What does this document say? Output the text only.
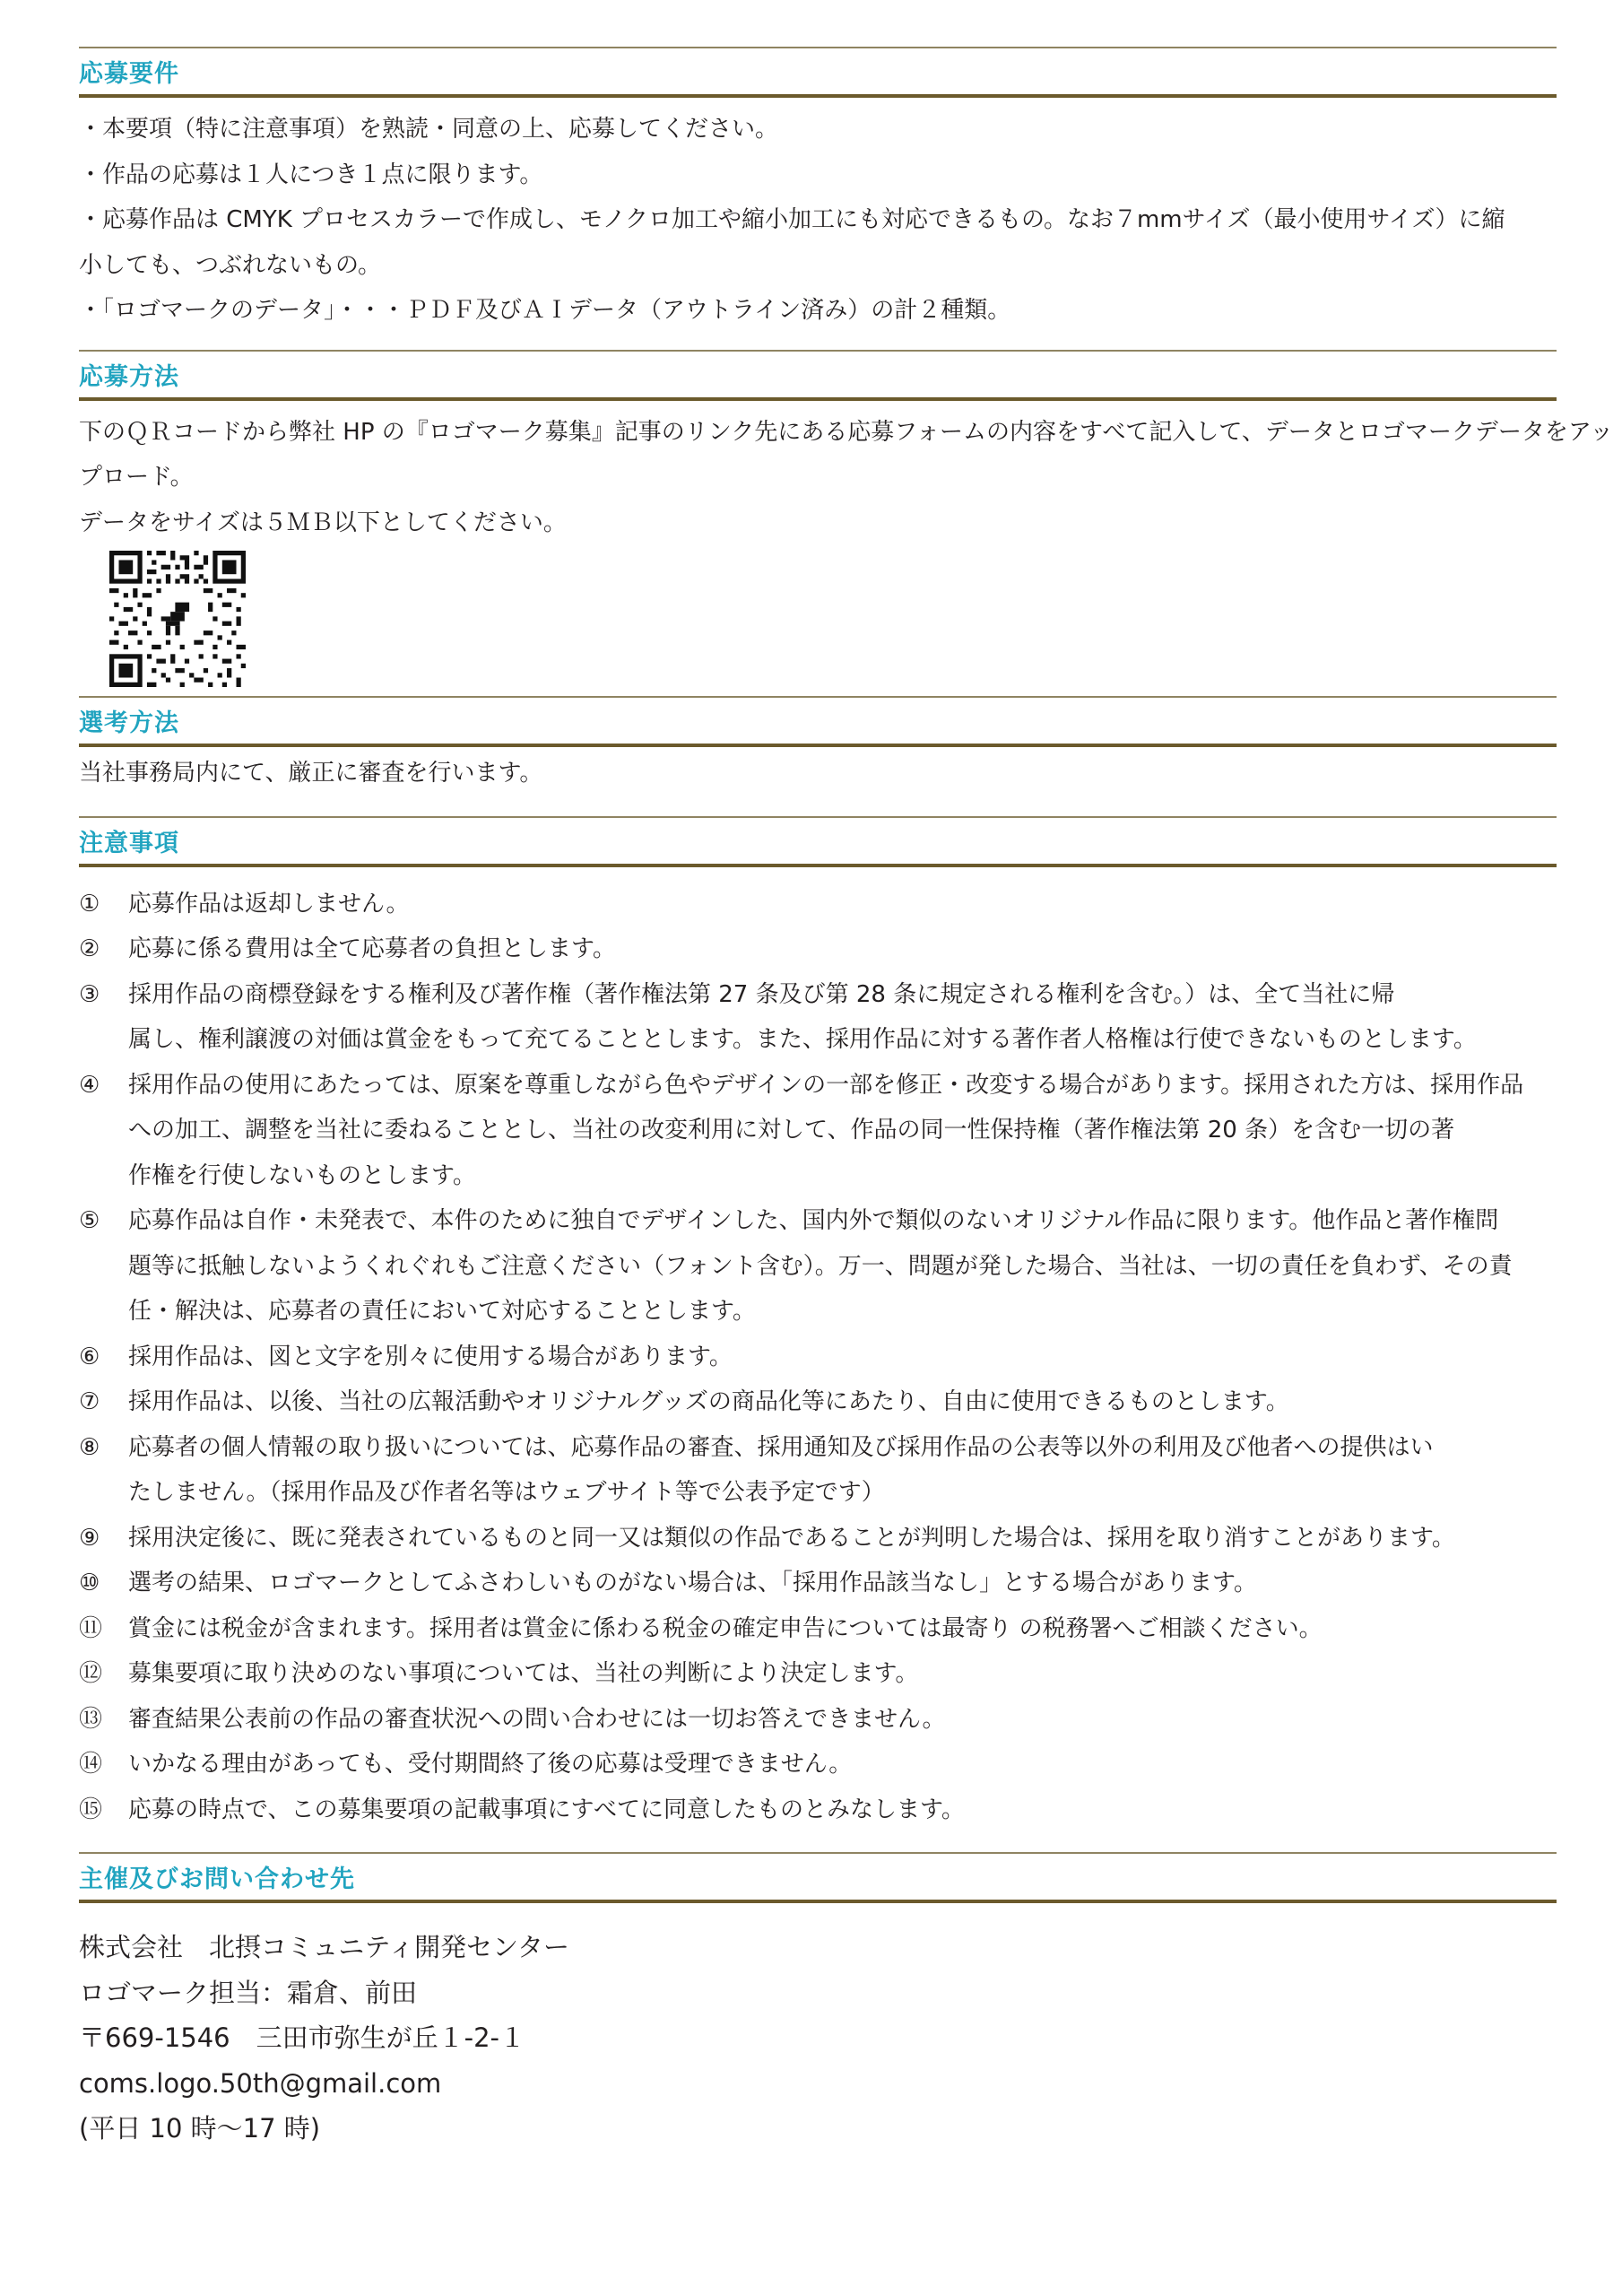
応募要件
・本要項（特に注意事項）を熟読・同意の上、応募してください。
・作品の応募は１人につき１点に限ります。
・応募作品は CMYK プロセスカラーで作成し、モノクロ加工や縮小加工にも対応できるもの。なお７mmサイズ（最小使用サイズ）に縮
小しても、つぶれないもの。
・「ロゴマークのデータ」・・・ＰＤＦ及びＡＩデータ（アウトライン済み）の計２種類。
応募方法
下のＱＲコードから弊社 HP の『ロゴマーク募集』記事のリンク先にある応募フォームの内容をすべて記入して、データとロゴマークデータをアッ
プロード。
データをサイズは５ＭＢ以下としてください。
選考方法
当社事務局内にて、厳正に審査を行います。
注意事項
①	応募作品は返却しません。
②	応募に係る費用は全て応募者の負担とします。
③	採用作品の商標登録をする権利及び著作権（著作権法第 27 条及び第 28 条に規定される権利を含む。）は、全て当社に帰
属し、権利譲渡の対価は賞金をもって充てることとします。また、採用作品に対する著作者人格権は行使できないものとします。
④	採用作品の使用にあたっては、原案を尊重しながら色やデザインの一部を修正・改変する場合があります。採用された方は、採用作品
への加工、調整を当社に委ねることとし、当社の改変利用に対して、作品の同一性保持権（著作権法第 20 条）を含む一切の著
作権を行使しないものとします。
⑤	応募作品は自作・未発表で、本件のために独自でデザインした、国内外で類似のないオリジナル作品に限ります。他作品と著作権問
題等に抵触しないようくれぐれもご注意ください（フォント含む）。万一、問題が発した場合、当社は、一切の責任を負わず、その責
任・解決は、応募者の責任において対応することとします。
⑥	採用作品は、図と文字を別々に使用する場合があります。
⑦	採用作品は、以後、当社の広報活動やオリジナルグッズの商品化等にあたり、自由に使用できるものとします。
⑧	応募者の個人情報の取り扱いについては、応募作品の審査、採用通知及び採用作品の公表等以外の利用及び他者への提供はい
たしません。（採用作品及び作者名等はウェブサイト等で公表予定です）
⑨	採用決定後に、既に発表されているものと同一又は類似の作品であることが判明した場合は、採用を取り消すことがあります。
⑩	選考の結果、ロゴマークとしてふさわしいものがない場合は、「採用作品該当なし」とする場合があります。
⑪	賞金には税金が含まれます。採用者は賞金に係わる税金の確定申告については最寄り の税務署へご相談ください。
⑫	募集要項に取り決めのない事項については、当社の判断により決定します。
⑬	審査結果公表前の作品の審査状況への問い合わせには一切お答えできません。
⑭	いかなる理由があっても、受付期間終了後の応募は受理できません。
⑮	応募の時点で、この募集要項の記載事項にすべてに同意したものとみなします。
主催及びお問い合わせ先
株式会社　北摂コミュニティ開発センター
ロゴマーク担当：霜倉、前田
〒669-1546　三田市弥生が丘１-2-１
coms.logo.50th@gmail.com
(平日 10 時～17 時)
